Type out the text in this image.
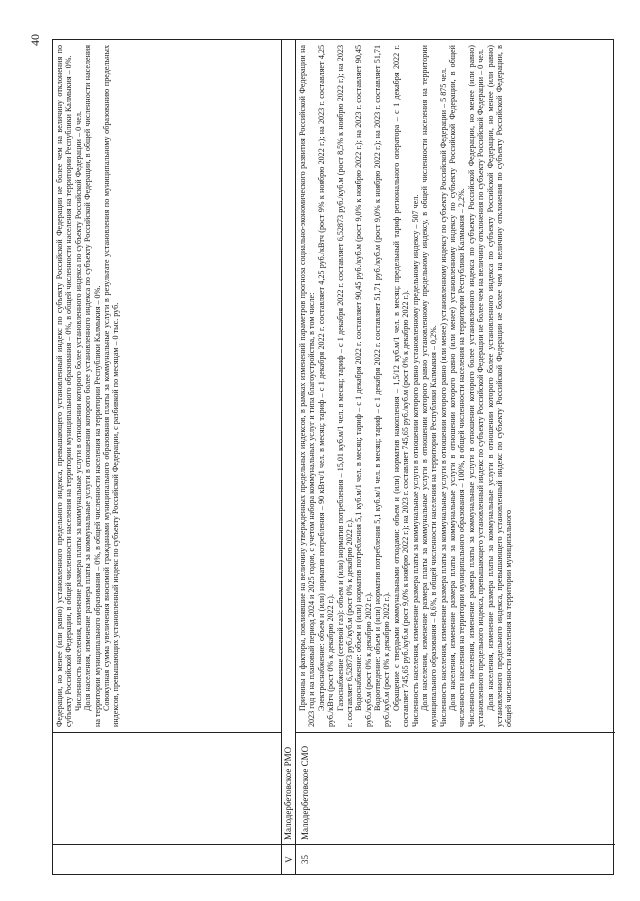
40

Федерации, но менее (или равно) установленного предельного индекса, превышающего установленный индекс по субъекту Российской Федерации не более чем на величину отклонения по субъекту Российской Федерации, в общей численности населения на территории муниципального образования – 0%, в общей численности населения на территории Республики Калмыкия – 0%. Численность населения, изменение размера платы за коммунальные услуги в отношении которого более установленного индекса по субъекту Российской Федерации – 0 чел. Доля населения, изменение размера платы за коммунальные услуги в отношении которого более установленного индекса по субъекту Российской Федерации, в общей численности населения на территории муниципального образования – 0%, в общей численности населения на территории Республики Калмыкия – 0%. Совокупная сумма увеличения вносимой гражданами муниципального образования платы за коммунальные услуги в результате установления по муниципальному образованию предельных индексов, превышающих установленный индекс по субъекту Российской Федерации, с разбивкой по месяцам – 0 тыс. руб.

V
Малодербетовское РМО
35
Малодербетовское СМО

Причины и факторы, повлиявшие на величину утвержденных предельных индексов, в рамках изменений параметров прогноза социально-экономического развития Российской Федерации на 2023 год и на плановый период 2024 и 2025 годов, с учетом набора коммунальных услуг и типа благоустройства, в том числе: Электроснабжение: объем и (или) норматив потребления – 90 кВтч/1 чел. в месяц; тариф – с 1 декабря 2022 г. составляет 4,25 руб./кВтч (рост 9% к ноябрю 2022 г.); на 2023 г. составляет 4,25 руб./кВтч (рост 0% к декабрю 2022 г.). Газоснабжение (сетевой газ): объем и (или) норматив потребления – 15,01 куб.м/1 чел. в месяц; тариф – с 1 декабря 2022 г. составляет 6,52873 руб./куб.м (рост 8,5% к ноябрю 2022 г.); на 2023 г. составляет 6,52873 руб./куб.м (рост 0% к декабрю 2022 г.). Водоснабжение: объем и (или) норматив потребления 5,1 куб.м/1 чел. в месяц; тариф – с 1 декабря 2022 г. составляет 90,45 руб./куб.м (рост 9,0% к ноябрю 2022 г.); на 2023 г. составляет 90,45 руб./куб.м (рост 0% к декабрю 2022 г.). Водоотведение: объем и (или) норматив потребления 5,1 куб.м/1 чел. в месяц; тариф – с 1 декабря 2022 г. составляет 51,71 руб./куб.м (рост 9,0% к ноябрю 2022 г.); на 2023 г. составляет 51,71 руб./куб.м (рост 0% к декабрю 2022 г.). Обращение с твердыми коммунальными отходами: объем и (или) норматив накопления – 1,5/12 куб.м/1 чел. в месяц; предельный тариф регионального оператора – с 1 декабря 2022 г. составляет 745,65 руб./куб.м (рост 9,0% к ноябрю 2022 г.); на 2023 г. составляет 745,65 руб./куб.м (рост 0% к декабрю 2022 г.). Численность населения, изменение размера платы за коммунальные услуги в отношении которого равно установленному предельному индексу – 507 чел. Доля населения, изменение размера платы за коммунальные услуги в отношении которого равно установленному предельному индексу, в общей численности населения на территории муниципального образования – 8,6%, в общей численности населения на территории Республики Калмыкия – 0,2%. Численность населения, изменение размера платы за коммунальные услуги в отношении которого равно (или менее) установленному индексу по субъекту Российской Федерации – 5 875 чел. Доля населения, изменение размера платы за коммунальные услуги в отношении которого равно (или менее) установленному индексу по субъекту Российской Федерации, в общей численности населения на территории муниципального образования – 100%, в общей численности населения на территории Республики Калмыкия – 2,2%. Численность населения, изменение размера платы за коммунальные услуги в отношении которого более установленного индекса по субъекту Российской Федерации, но менее (или равно) установленного предельного индекса, превышающего установленный индекс по субъекту Российской Федерации не более чем на величину отклонения по субъекту Российской Федерации – 0 чел. Доля населения, изменение размера платы за коммунальные услуги в отношении которого более установленного индекса по субъекту Российской Федерации, но менее (или равно) установленного предельного индекса, превышающего установленный индекс по субъекту Российской Федерации не более чем на величину отклонения по субъекту Российской Федерации, в общей численности населения на территории муниципального
